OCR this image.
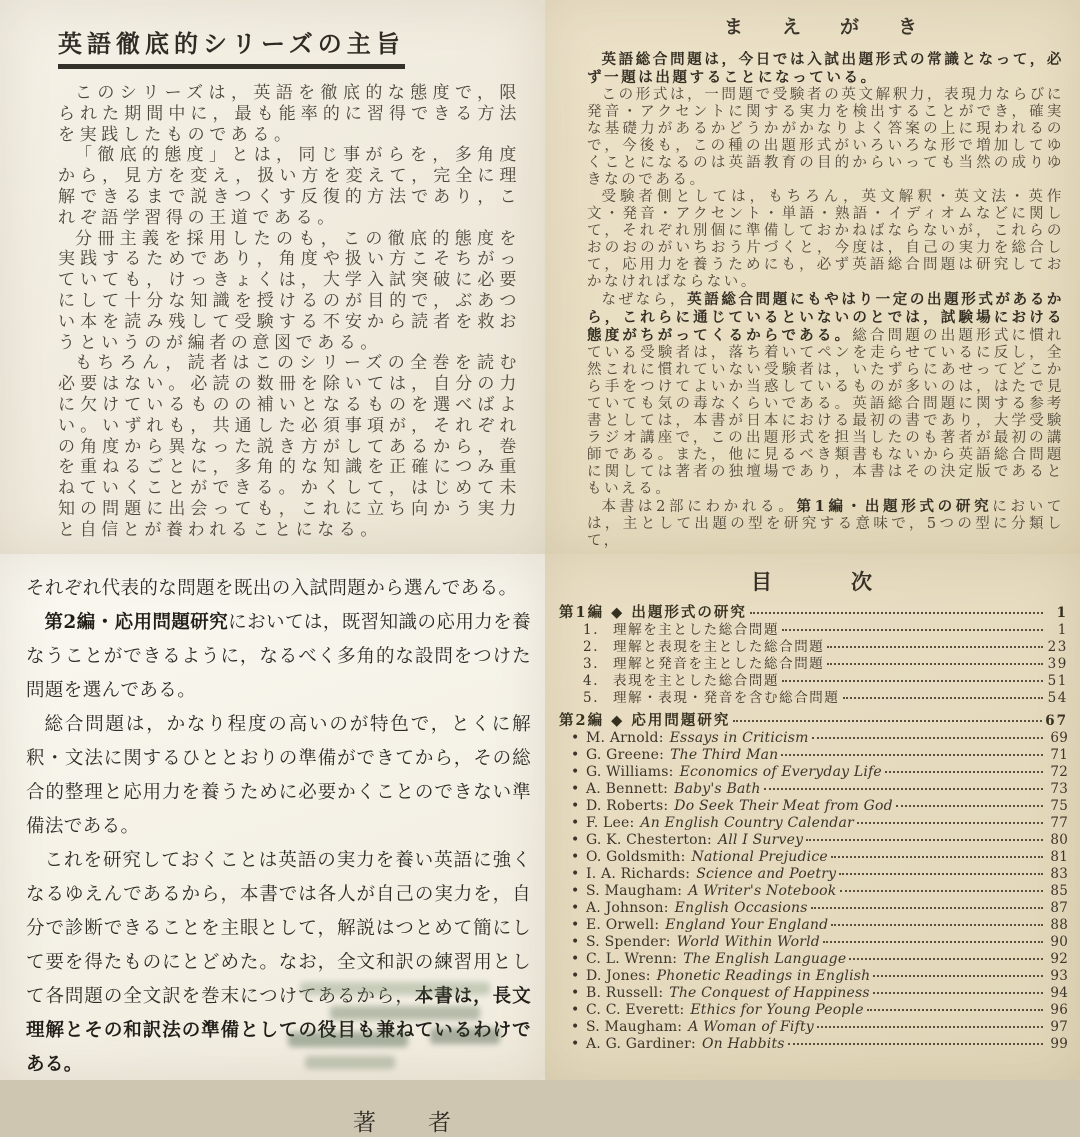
英語徹底的シリーズの主旨

このシリーズは，英語を徹底的な態度で，限られた期間中に，最も能率的に習得できる方法を実践したものである。

「徹底的態度」とは，同じ事がらを，多角度から，見方を変え，扱い方を変えて，完全に理解できるまで説きつくす反復的方法であり，これぞ語学習得の王道である。

分冊主義を採用したのも，この徹底的態度を実践するためであり，角度や扱い方こそちがっていても，けっきょくは，大学入試突破に必要にして十分な知識を授けるのが目的で，ぶあつい本を読み残して受験する不安から読者を救おうというのが編者の意図である。

もちろん，読者はこのシリーズの全巻を読む必要はない。必読の数冊を除いては，自分の力に欠けているものの補いとなるものを選べばよい。いずれも，共通した必須事項が，それぞれの角度から異なった説き方がしてあるから，巻を重ねるごとに，多角的な知識を正確につみ重ねていくことができる。かくして，はじめて未知の問題に出会っても，これに立ち向かう実力と自信とが養われることになる。

ま　え　が　き

英語総合問題は，今日では入試出題形式の常識となって，必ず一題は出題することになっている。

この形式は，一問題で受験者の英文解釈力，表現力ならびに発音・アクセントに関する実力を検出することができ，確実な基礎力があるかどうかがかなりよく答案の上に現われるので，今後も，この種の出題形式がいろいろな形で増加してゆくことになるのは英語教育の目的からいっても当然の成りゆきなのである。

受験者側としては，もちろん，英文解釈・英文法・英作文・発音・アクセント・単語・熟語・イディオムなどに関して，それぞれ別個に準備しておかねばならないが，これらのおのおのがいちおう片づくと，今度は，自己の実力を総合して，応用力を養うためにも，必ず英語総合問題は研究しておかなければならない。

なぜなら，英語総合問題にもやはり一定の出題形式があるから，これらに通じているといないのとでは，試験場における態度がちがってくるからである。総合問題の出題形式に慣れている受験者は，落ち着いてペンを走らせているに反し，全然これに慣れていない受験者は，いたずらにあせってどこから手をつけてよいか当惑しているものが多いのは，はたで見ていても気の毒なくらいである。英語総合問題に関する参考書としては，本書が日本における最初の書であり，大学受験ラジオ講座で，この出題形式を担当したのも著者が最初の講師である。また，他に見るべき類書もないから英語総合問題に関しては著者の独壇場であり，本書はその決定版であるともいえる。

本書は2部にわかれる。第1編・出題形式の研究においては，主として出題の型を研究する意味で，5つの型に分類して，

それぞれ代表的な問題を既出の入試問題から選んである。

第2編・応用問題研究においては，既習知識の応用力を養なうことができるように，なるべく多角的な設問をつけた問題を選んである。

総合問題は，かなり程度の高いのが特色で，とくに解釈・文法に関するひととおりの準備ができてから，その総合的整理と応用力を養うために必要かくことのできない準備法である。

これを研究しておくことは英語の実力を養い英語に強くなるゆえんであるから，本書では各人が自己の実力を，自分で診断できることを主眼として，解説はつとめて簡にして要を得たものにとどめた。なお，全文和訳の練習用として各問題の全文訳を巻末につけてあるから，本書は，長文理解とその和訳法の準備としての役目も兼ねているわけである。

著　　者
目　　　次
第1編 ◆ 出題形式の研究	1
1.	理解を主とした総合問題	1
2.	理解と表現を主とした総合問題	23
3.	理解と発音を主とした総合問題	39
4.	表現を主とした総合問題	51
5.	理解・表現・発音を含む総合問題	54
第2編 ◆ 応用問題研究	67
• M. Arnold: Essays in Criticism	69
• G. Greene: The Third Man	71
• G. Williams: Economics of Everyday Life	72
• A. Bennett: Baby's Bath	73
• D. Roberts: Do Seek Their Meat from God	75
• F. Lee: An English Country Calendar	77
• G. K. Chesterton: All I Survey	80
• O. Goldsmith: National Prejudice	81
• I. A. Richards: Science and Poetry	83
• S. Maugham: A Writer's Notebook	85
• A. Johnson: English Occasions	87
• E. Orwell: England Your England	88
• S. Spender: World Within World	90
• C. L. Wrenn: The English Language	92
• D. Jones: Phonetic Readings in English	93
• B. Russell: The Conquest of Happiness	94
• C. C. Everett: Ethics for Young People	96
• S. Maugham: A Woman of Fifty	97
• A. G. Gardiner: On Habbits	99
